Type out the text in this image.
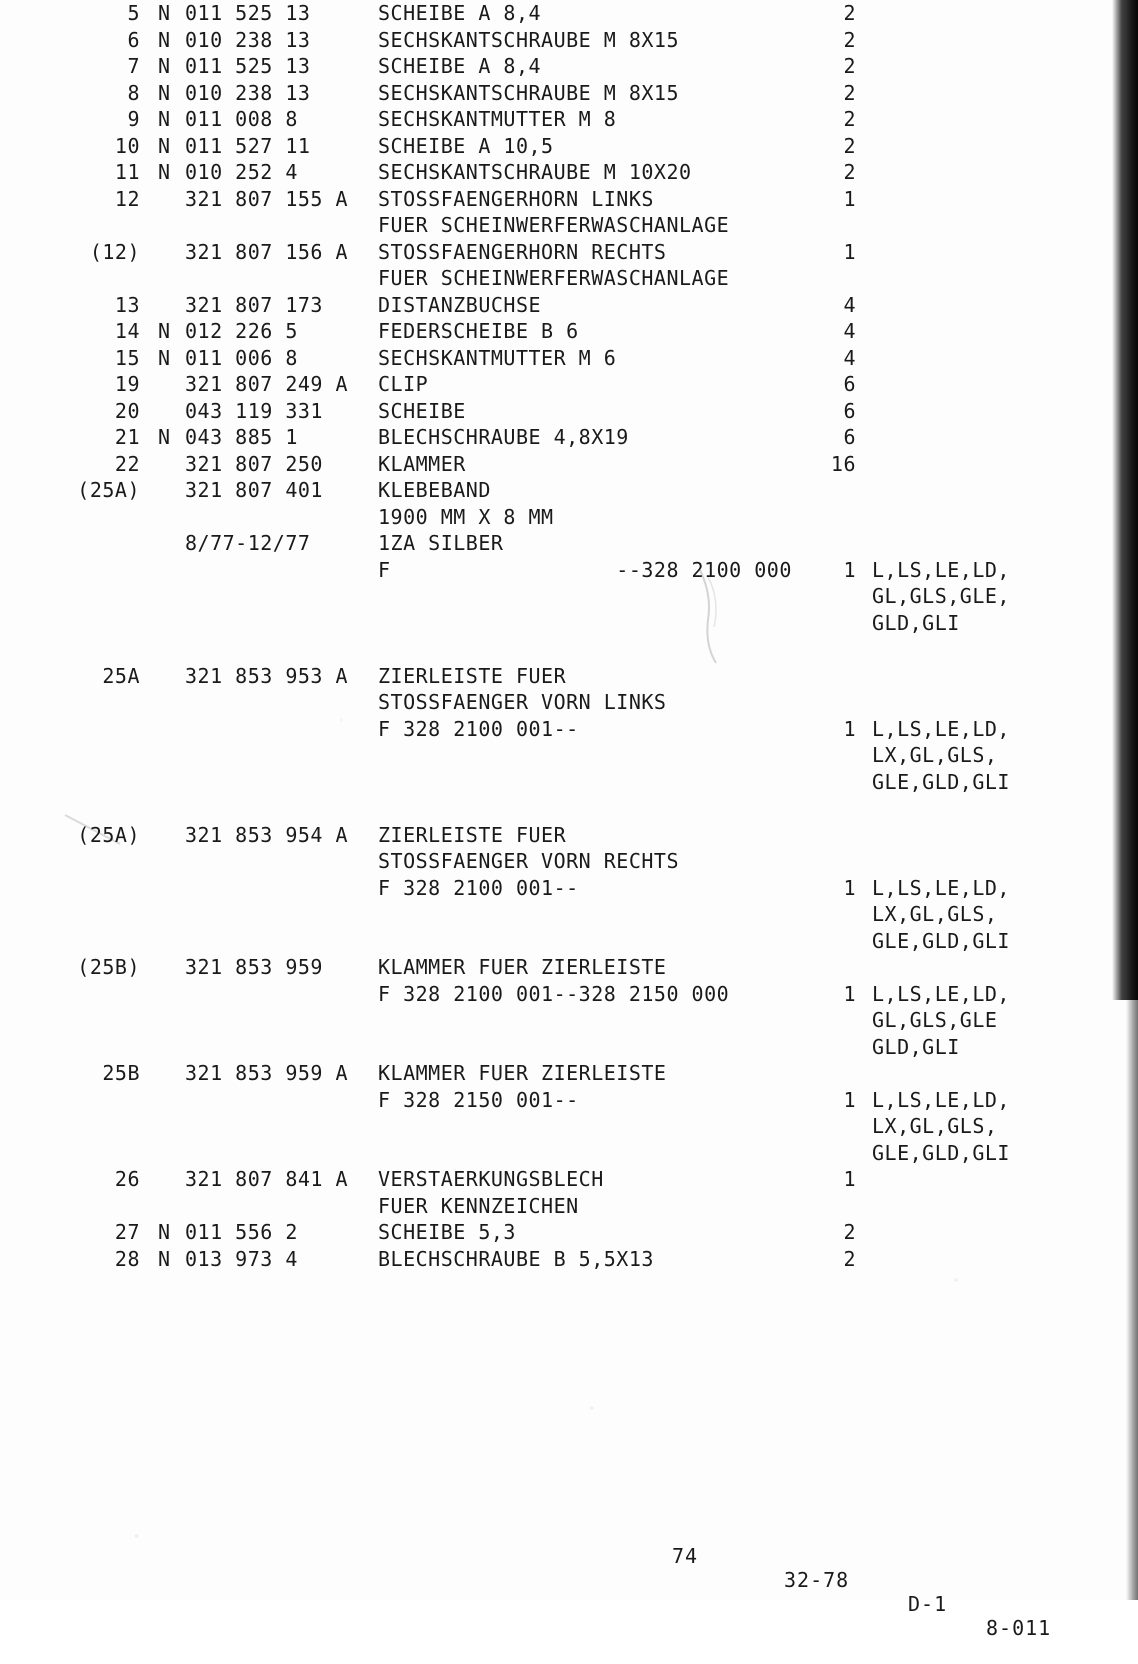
5 N 011 525 13	SCHEIBE A 8,4	2
6 N 010 238 13	SECHSKANTSCHRAUBE M 8X15	2
7 N 011 525 13	SCHEIBE A 8,4	2
8 N 010 238 13	SECHSKANTSCHRAUBE M 8X15	2
9 N 011 008 8	SECHSKANTMUTTER M 8	2
10 N 011 527 11	SCHEIBE A 10,5	2
11 N 010 252 4	SECHSKANTSCHRAUBE M 10X20	2
12 321 807 155 A	STOSSFAENGERHORN LINKS	1
FUER SCHEINWERFERWASCHANLAGE
(12) 321 807 156 A	STOSSFAENGERHORN RECHTS	1
FUER SCHEINWERFERWASCHANLAGE
13 321 807 173	DISTANZBUCHSE	4
14 N 012 226 5	FEDERSCHEIBE B 6	4
15 N 011 006 8	SECHSKANTMUTTER M 6	4
19 321 807 249 A	CLIP	6
20 043 119 331	SCHEIBE	6
21 N 043 885 1	BLECHSCHRAUBE 4,8X19	6
22 321 807 250	KLAMMER	16
(25A) 321 807 401	KLEBEBAND
1900 MM X 8 MM
8/77-12/77	1ZA SILBER
F                  --328 2100 000	1 L,LS,LE,LD,
GL,GLS,GLE,
GLD,GLI
25A 321 853 953 A	ZIERLEISTE FUER
STOSSFAENGER VORN LINKS
F 328 2100 001--	1 L,LS,LE,LD,
LX,GL,GLS,
GLE,GLD,GLI
(25A) 321 853 954 A	ZIERLEISTE FUER
STOSSFAENGER VORN RECHTS
F 328 2100 001--	1 L,LS,LE,LD,
LX,GL,GLS,
GLE,GLD,GLI
(25B) 321 853 959	KLAMMER FUER ZIERLEISTE
F 328 2100 001--328 2150 000	1 L,LS,LE,LD,
GL,GLS,GLE
GLD,GLI
25B 321 853 959 A	KLAMMER FUER ZIERLEISTE
F 328 2150 001--	1 L,LS,LE,LD,
LX,GL,GLS,
GLE,GLD,GLI
26 321 807 841 A	VERSTAERKUNGSBLECH	1
FUER KENNZEICHEN
27 N 011 556 2	SCHEIBE 5,3	2
28 N 013 973 4	BLECHSCHRAUBE B 5,5X13	2

74

32-78

D-1

8-011
